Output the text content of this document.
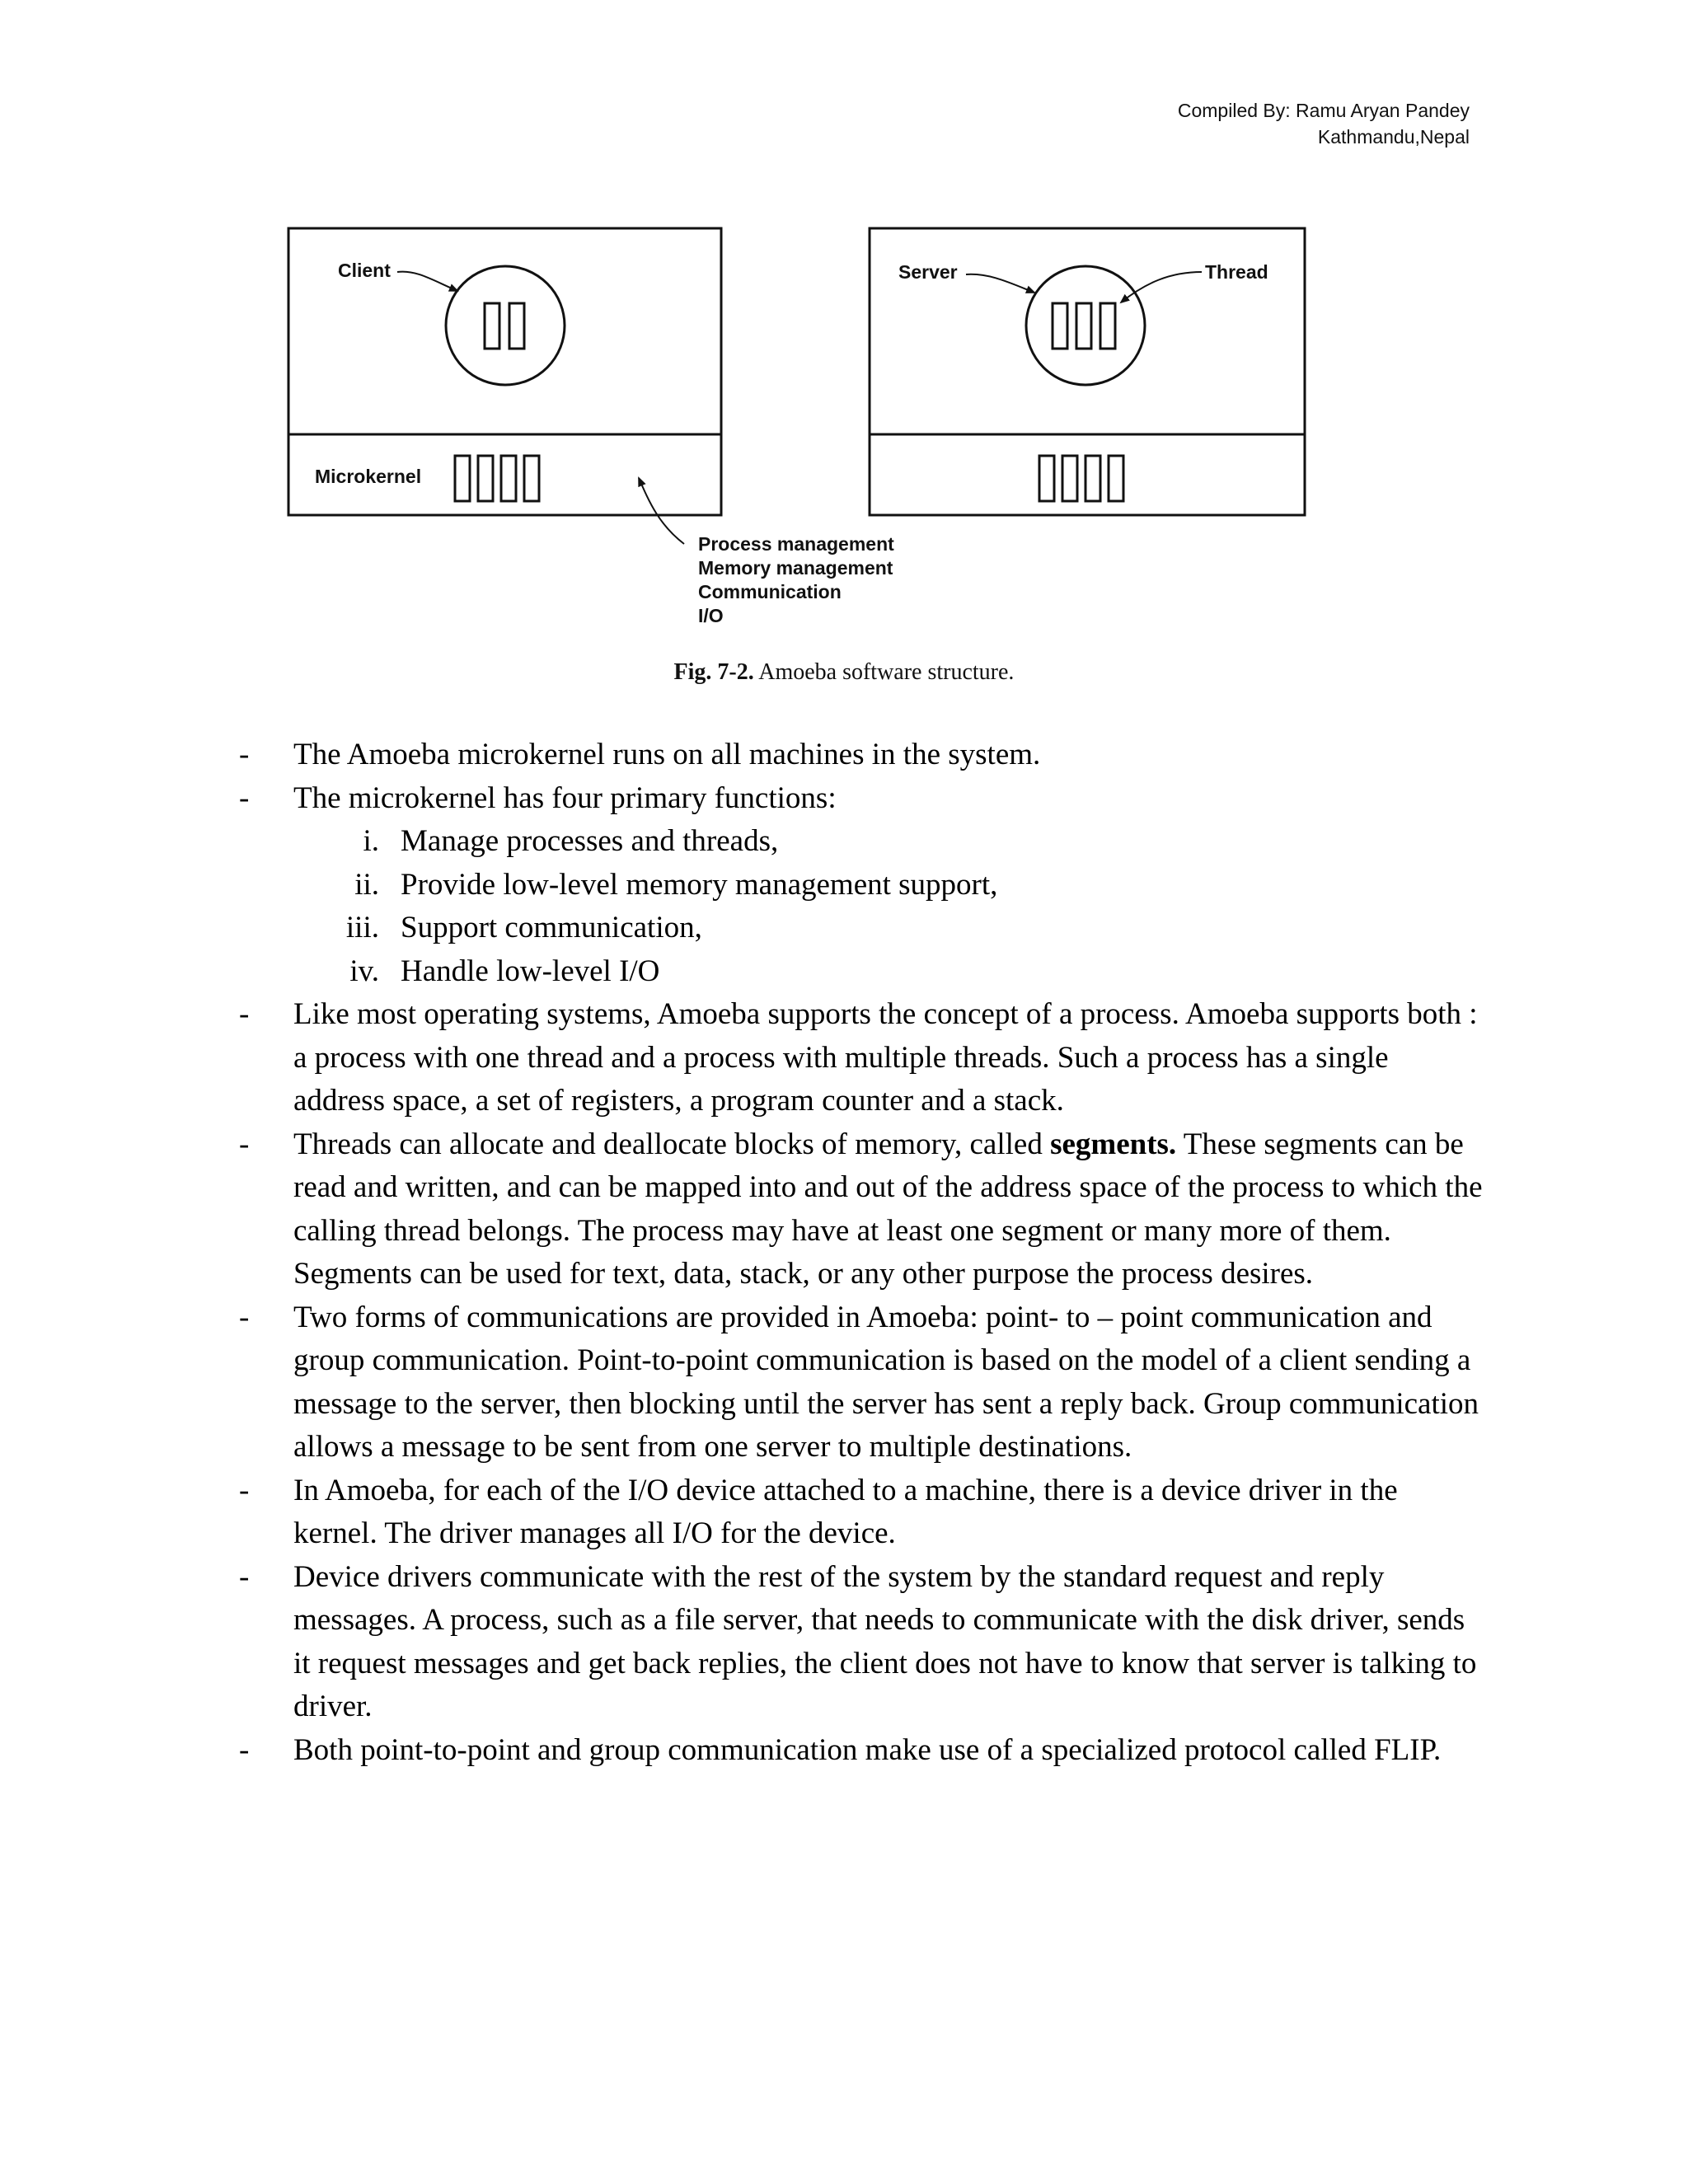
Compiled By: Ramu Aryan Pandey
Kathmandu,Nepal
Client
Microkernel
Server	Thread
Process management
Memory management
Communication
I/O
Fig. 7-2. Amoeba software structure.
- The Amoeba microkernel runs on all machines in the system.
- The microkernel has four primary functions:
i. Manage processes and threads,
ii. Provide low-level memory management support,
iii. Support communication,
iv. Handle low-level I/O
- Like most operating systems, Amoeba supports the concept of a process. Amoeba supports both : a process with one thread and a process with multiple threads. Such a process has a single address space, a set of registers, a program counter and a stack.
- Threads can allocate and deallocate blocks of memory, called segments. These segments can be read and written, and can be mapped into and out of the address space of the process to which the calling thread belongs. The process may have at least one segment or many more of them. Segments can be used for text, data, stack, or any other purpose the process desires.
- Two forms of communications are provided in Amoeba: point- to – point communication and group communication. Point-to-point communication is based on the model of a client sending a message to the server, then blocking until the server has sent a reply back. Group communication allows a message to be sent from one server to multiple destinations.
- In Amoeba, for each of the I/O device attached to a machine, there is a device driver in the kernel. The driver manages all I/O for the device.
- Device drivers communicate with the rest of the system by the standard request and reply messages. A process, such as a file server, that needs to communicate with the disk driver, sends it request messages and get back replies, the client does not have to know that server is talking to driver.
- Both point-to-point and group communication make use of a specialized protocol called FLIP.
